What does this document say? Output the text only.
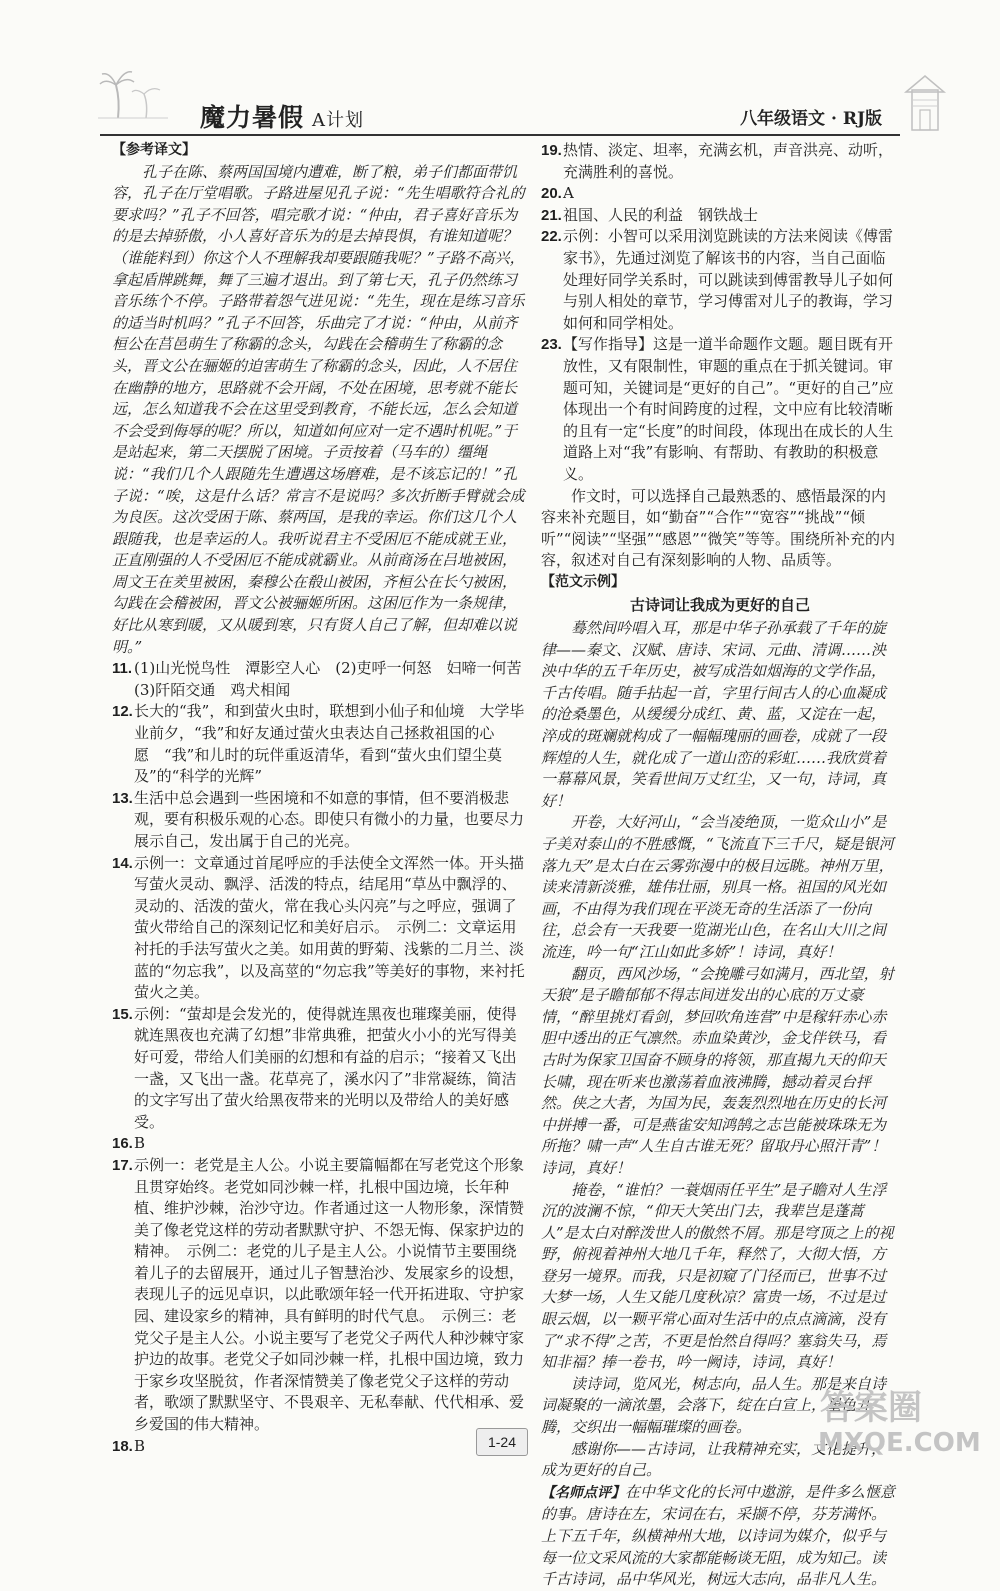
魔力暑假 A计划	八年级语文 · RJ版
【参考译文】

孔子在陈、蔡两国国境内遭难，断了粮，弟子们都面带饥容，孔子在厅堂唱歌。子路进屋见孔子说：“先生唱歌符合礼的要求吗？”孔子不回答，唱完歌才说：“仲由，君子喜好音乐为的是去掉骄傲，小人喜好音乐为的是去掉畏惧，有谁知道呢？（谁能料到）你这个人不理解我却要跟随我呢？”子路不高兴，拿起盾牌跳舞，舞了三遍才退出。到了第七天，孔子仍然练习音乐练个不停。子路带着怨气进见说：“先生，现在是练习音乐的适当时机吗？”孔子不回答，乐曲完了才说：“仲由，从前齐桓公在莒邑萌生了称霸的念头，勾践在会稽萌生了称霸的念头，晋文公在骊姬的迫害萌生了称霸的念头，因此，人不居住在幽静的地方，思路就不会开阔，不处在困境，思考就不能长远，怎么知道我不会在这里受到教育，不能长远，怎么会知道不会受到侮辱的呢？所以，知道如何应对一定不遇时机呢。”于是站起来，第二天摆脱了困境。子贡按着（马车的）缰绳说：“我们几个人跟随先生遭遇这场磨难，是不该忘记的！”孔子说：“唉，这是什么话？常言不是说吗？多次折断手臂就会成为良医。这次受困于陈、蔡两国，是我的幸运。你们这几个人跟随我，也是幸运的人。我听说君主不受困厄不能成就王业，正直刚强的人不受困厄不能成就霸业。从前商汤在吕地被困，周文王在羑里被困，秦穆公在殽山被困，齐桓公在长勺被困，勾践在会稽被困，晋文公被骊姬所困。这困厄作为一条规律，好比从寒到暖，又从暖到寒，只有贤人自己了解，但却难以说明。”

11. (1)山光悦鸟性　潭影空人心　(2)吏呼一何怒　妇啼一何苦　(3)阡陌交通　鸡犬相闻

12. 长大的“我”，和到萤火虫时，联想到小仙子和仙境　大学毕业前夕，“我”和好友通过萤火虫表达自己拯救祖国的心愿　“我”和儿时的玩伴重返清华，看到“萤火虫们望尘莫及”的“科学的光辉”

13. 生活中总会遇到一些困境和不如意的事情，但不要消极悲观，要有积极乐观的心态。即使只有微小的力量，也要尽力展示自己，发出属于自己的光亮。

14. 示例一：文章通过首尾呼应的手法使全文浑然一体。开头描写萤火灵动、飘浮、活泼的特点，结尾用“草丛中飘浮的、灵动的、活泼的萤火，常在我心头闪亮”与之呼应，强调了萤火带给自己的深刻记忆和美好启示。　示例二：文章运用衬托的手法写萤火之美。如用黄的野菊、浅紫的二月兰、淡蓝的“勿忘我”，以及高莖的“勿忘我”等美好的事物，来衬托萤火之美。

15. 示例：“萤却是会发光的，使得就连黑夜也璀璨美丽，使得就连黑夜也充满了幻想”非常典雅，把萤火小小的光写得美好可爱，带给人们美丽的幻想和有益的启示；“接着又飞出一盏，又飞出一盏。花草亮了，溪水闪了”非常凝练，简洁的文字写出了萤火给黑夜带来的光明以及带给人的美好感受。

16. B

17. 示例一：老党是主人公。小说主要篇幅都在写老党这个形象且贯穿始终。老党如同沙棘一样，扎根中国边境，长年种植、维护沙棘，治沙守边。作者通过这一人物形象，深情赞美了像老党这样的劳动者默默守护、不怨无悔、保家护边的精神。　示例二：老党的儿子是主人公。小说情节主要围绕着儿子的去留展开，通过儿子智慧治沙、发展家乡的设想，表现儿子的远见卓识，以此歌颂年轻一代开拓进取、守护家园、建设家乡的精神，具有鲜明的时代气息。　示例三：老党父子是主人公。小说主要写了老党父子两代人种沙棘守家护边的故事。老党父子如同沙棘一样，扎根中国边境，致力于家乡攻坚脱贫，作者深情赞美了像老党父子这样的劳动者，歌颂了默默坚守、不畏艰辛、无私奉献、代代相承、爱乡爱国的伟大精神。

18. B

19. 热情、淡定、坦率，充满玄机，声音洪亮、动听，充满胜利的喜悦。

20. A

21. 祖国、人民的利益　钢铁战士

22. 示例：小智可以采用浏览跳读的方法来阅读《傅雷家书》，先通过浏览了解该书的内容，当自己面临处理好同学关系时，可以跳读到傅雷教导儿子如何与别人相处的章节，学习傅雷对儿子的教诲，学习如何和同学相处。

23. 【写作指导】这是一道半命题作文题。题目既有开放性，又有限制性，审题的重点在于抓关键词。审题可知，关键词是“更好的自己”。“更好的自己”应体现出一个有时间跨度的过程，文中应有比较清晰的且有一定“长度”的时间段，体现出在成长的人生道路上对“我”有影响、有帮助、有教助的积极意义。

作文时，可以选择自己最熟悉的、感悟最深的内容来补充题目，如“勤奋”“合作”“宽容”“挑战”“倾听”“阅读”“坚强”“感恩”“微笑”等等。围绕所补充的内容，叙述对自己有深刻影响的人物、品质等。

【范文示例】
古诗词让我成为更好的自己

蓦然间吟唱入耳，那是中华子孙承载了千年的旋律——秦文、汉赋、唐诗、宋词、元曲、清调……泱泱中华的五千年历史，被写成浩如烟海的文学作品，千古传唱。随手拈起一首，字里行间古人的心血凝成的沧桑墨色，从缓缓分成红、黄、蓝，又淀在一起，淬成的斑斓就构成了一幅幅瑰丽的画卷，成就了一段辉煌的人生，就化成了一道山峦的彩虹……我欣赏着一幕幕风景，笑看世间万丈红尘，又一句，诗词，真好！

开卷，大好河山，“会当凌绝顶，一览众山小”是子美对泰山的不胜感慨，“飞流直下三千尺，疑是银河落九天”是太白在云雾弥漫中的极目远眺。神州万里，读来清新淡雅，雄伟壮丽，别具一格。祖国的风光如画，不由得为我们现在平淡无奇的生活添了一份向往，总会有一天我要一览湖光山色，在名山大川之间流连，吟一句“江山如此多娇”！诗词，真好！

翻页，西风沙场，“会挽雕弓如满月，西北望，射天狼”是子瞻郁郁不得志间迸发出的心底的万丈豪情，“醉里挑灯看剑，梦回吹角连营”中是稼轩赤心赤胆中透出的正气凛然。赤血染黄沙，金戈伴铁马，看古时为保家卫国奋不顾身的将领，那直揭九天的仰天长啸，现在听来也激荡着血液沸腾，撼动着灵台抨然。侠之大者，为国为民，轰轰烈烈地在历史的长河中拼搏一番，可是燕雀安知鸿鹄之志岂能被珠珠无为所拖？啸一声“人生自古谁无死？留取丹心照汗青”！诗词，真好！

掩卷，“谁怕？一蓑烟雨任平生”是子瞻对人生浮沉的波澜不惊，“仰天大笑出门去，我辈岂是蓬蒿人”是太白对醉泼世人的傲然不屑。那是穹顶之上的视野，俯视着神州大地几千年，释然了，大彻大悟，方登另一境界。而我，只是初窥了门径而已，世事不过大梦一场，人生又能几度秋凉？富贵一场，不过是过眼云烟，以一颗平常心面对生活中的点点滴滴，没有了“求不得”之苦，不更是怡然自得吗？塞翁失马，焉知非福？捧一卷书，吟一阙诗，诗词，真好！

读诗词，览风光，树志向，品人生。那是来自诗词凝聚的一滴浓墨，会落下，绽在白宣上，墨色升腾，交织出一幅幅璀璨的画卷。

感谢你——古诗词，让我精神充实，文化提升，成为更好的自己。

【名师点评】在中华文化的长河中遨游，是件多么惬意的事。唐诗在左，宋词在右，采撷不停，芬芳满怀。上下五千年，纵横神州大地，以诗词为媒介，似乎与每一位文采风流的大家都能畅谈无阻，成为知己。读千古诗词，品中华风光，树远大志向，品非凡人生。

1-24
答案圈
MXQE.COM
